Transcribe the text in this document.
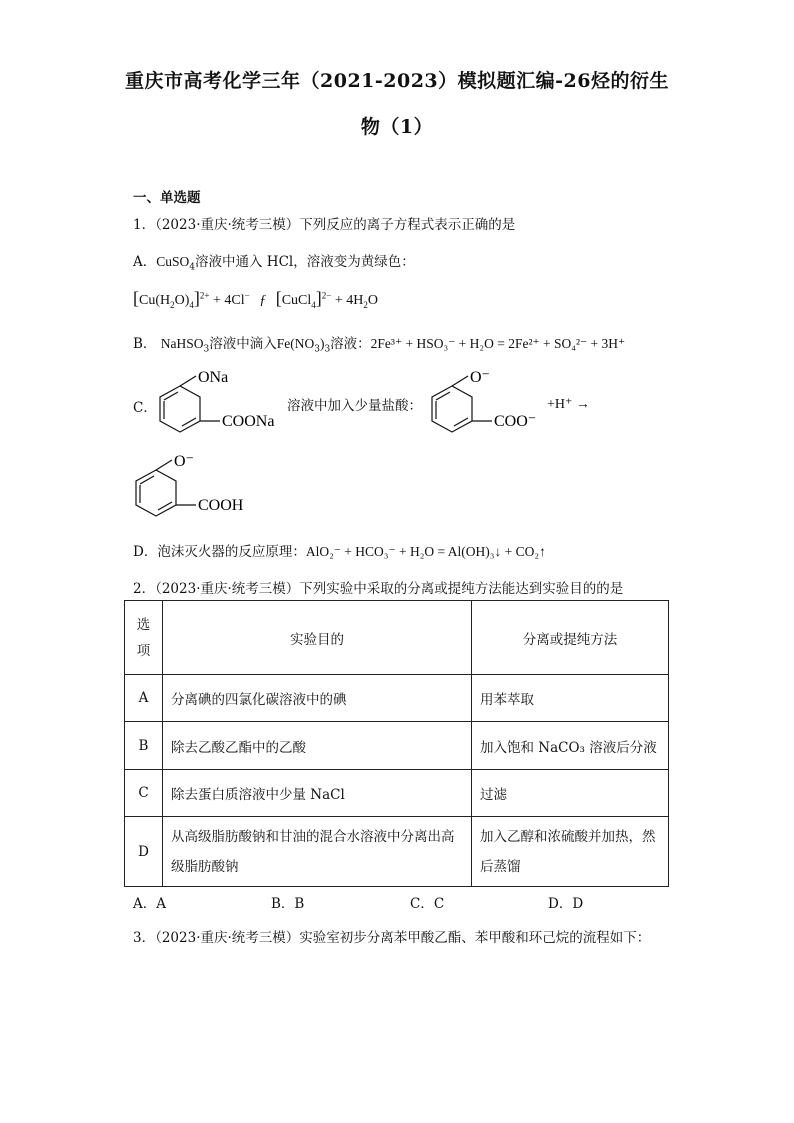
重庆市高考化学三年（2021-2023）模拟题汇编-26烃的衍生
物（1）
一、单选题
1．（2023·重庆·统考三模）下列反应的离子方程式表示正确的是
A．CuSO$_4$溶液中通入 HCl，溶液变为黄绿色：
$[Cu(H_2O)_4]^{2+} + 4Cl^-$ ƒ [CuCl$_4$]$^{2-}$ + $4H_2O$
B． NaHSO$_3$溶液中滴入$Fe(NO_3)_3$溶液：2Fe³⁺ + HSO₃⁻ + H₂O = 2Fe²⁺ + SO₄²⁻ + 3H⁺
C．
ONa
COONa
溶液中加入少量盐酸：
O⁻
COO⁻
+H⁺ →
O⁻
COOH
D．泡沫灭火器的反应原理：AlO₂⁻ + HCO₃⁻ + H₂O = Al(OH)₃↓ + CO₂↑
2．（2023·重庆·统考三模）下列实验中采取的分离或提纯方法能达到实验目的的是
选项	实验目的	分离或提纯方法
A	分离碘的四氯化碳溶液中的碘	用苯萃取
B	除去乙酸乙酯中的乙酸	加入饱和 NaCO₃ 溶液后分液
C	除去蛋白质溶液中少量 NaCl	过滤
D	从高级脂肪酸钠和甘油的混合水溶液中分离出高级脂肪酸钠	加入乙醇和浓硫酸并加热，然后蒸馏
A．A	B．B	C．C	D．D
3．（2023·重庆·统考三模）实验室初步分离苯甲酸乙酯、苯甲酸和环己烷的流程如下：
